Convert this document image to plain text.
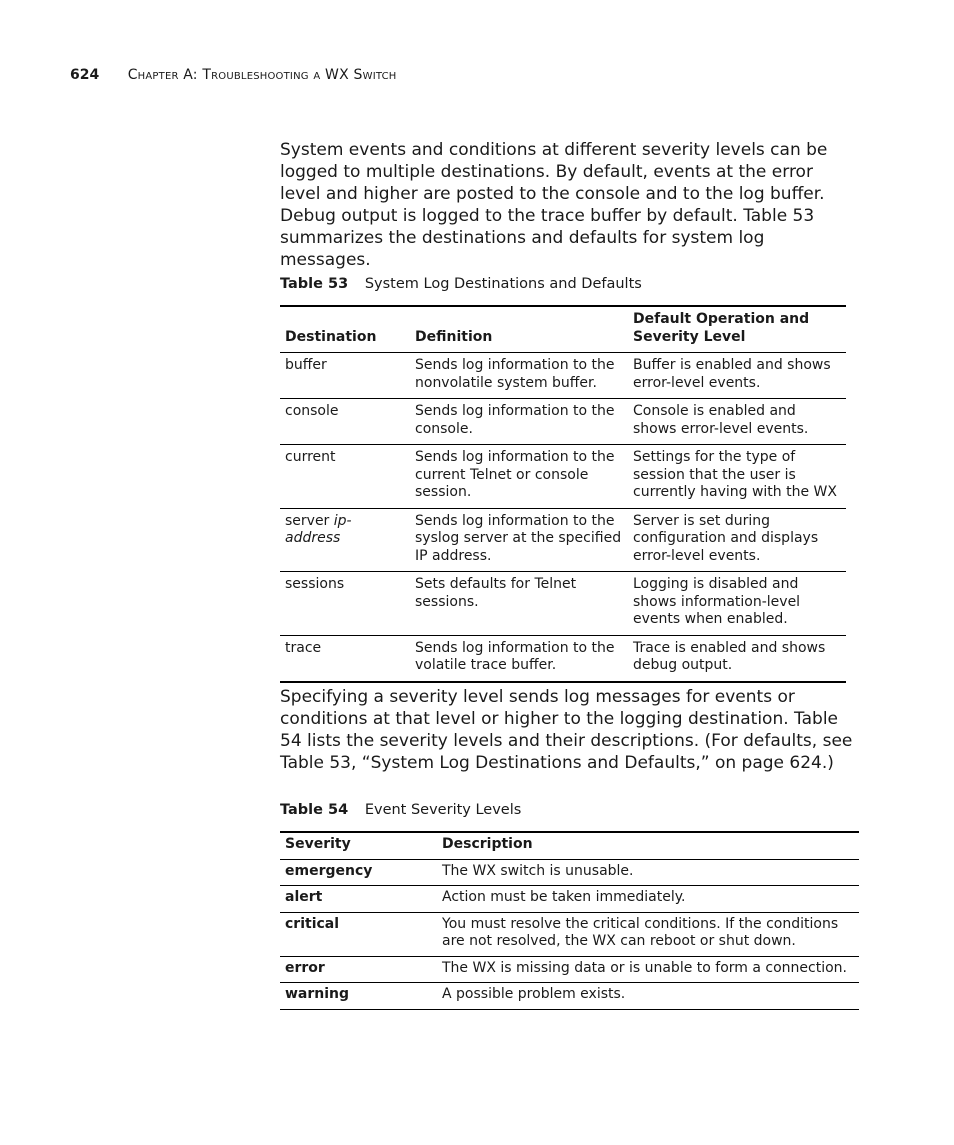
624 Chapter A: Troubleshooting a WX Switch

System events and conditions at different severity levels can be logged to multiple destinations. By default, events at the error level and higher are posted to the console and to the log buffer. Debug output is logged to the trace buffer by default. Table 53 summarizes the destinations and defaults for system log messages.

Table 53 System Log Destinations and Defaults
Destination	Definition	Default Operation and Severity Level
buffer	Sends log information to the nonvolatile system buffer.	Buffer is enabled and shows error-level events.
console	Sends log information to the console.	Console is enabled and shows error-level events.
current	Sends log information to the current Telnet or console session.	Settings for the type of session that the user is currently having with the WX
server ip-address	Sends log information to the syslog server at the specified IP address.	Server is set during configuration and displays error-level events.
sessions	Sets defaults for Telnet sessions.	Logging is disabled and shows information-level events when enabled.
trace	Sends log information to the volatile trace buffer.	Trace is enabled and shows debug output.

Specifying a severity level sends log messages for events or conditions at that level or higher to the logging destination. Table 54 lists the severity levels and their descriptions. (For defaults, see Table 53, “System Log Destinations and Defaults,” on page 624.)

Table 54 Event Severity Levels
Severity	Description
emergency	The WX switch is unusable.
alert	Action must be taken immediately.
critical	You must resolve the critical conditions. If the conditions are not resolved, the WX can reboot or shut down.
error	The WX is missing data or is unable to form a connection.
warning	A possible problem exists.
